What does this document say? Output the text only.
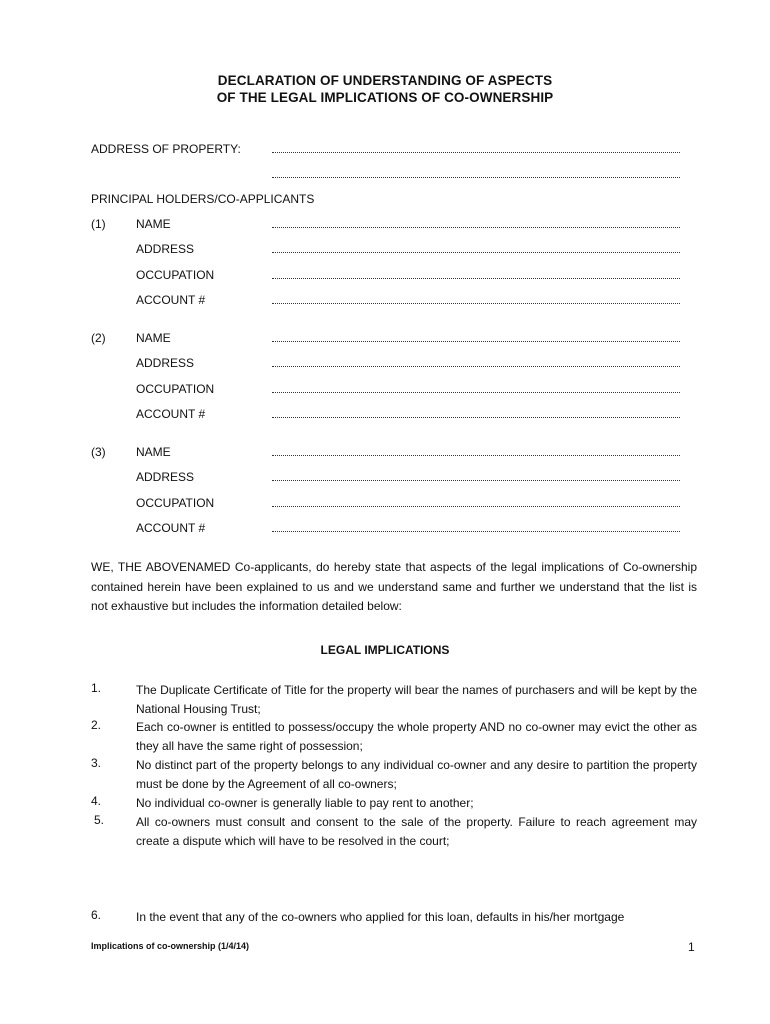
DECLARATION OF UNDERSTANDING OF ASPECTS
OF THE LEGAL IMPLICATIONS OF CO-OWNERSHIP
ADDRESS OF PROPERTY:
PRINCIPAL HOLDERS/CO-APPLICANTS
(1)	NAME
ADDRESS
OCCUPATION
ACCOUNT #
(2)	NAME
ADDRESS
OCCUPATION
ACCOUNT #
(3)	NAME
ADDRESS
OCCUPATION
ACCOUNT #
WE, THE ABOVENAMED Co-applicants, do hereby state that aspects of the legal implications of Co-ownership contained herein have been explained to us and we understand same and further we understand that the list is not exhaustive but includes the information detailed below:
LEGAL IMPLICATIONS
1.	The Duplicate Certificate of Title for the property will bear the names of purchasers and will be kept by the National Housing Trust;
2.	Each co-owner is entitled to possess/occupy the whole property AND no co-owner may evict the other as they all have the same right of possession;
3.	No distinct part of the property belongs to any individual co-owner and any desire to partition the property must be done by the Agreement of all co-owners;
4.	No individual co-owner is generally liable to pay rent to another;
5.	All co-owners must consult and consent to the sale of the property. Failure to reach agreement may create a dispute which will have to be resolved in the court;
6.	In the event that any of the co-owners who applied for this loan, defaults in his/her mortgage
Implications of co-ownership (1/4/14)	1
